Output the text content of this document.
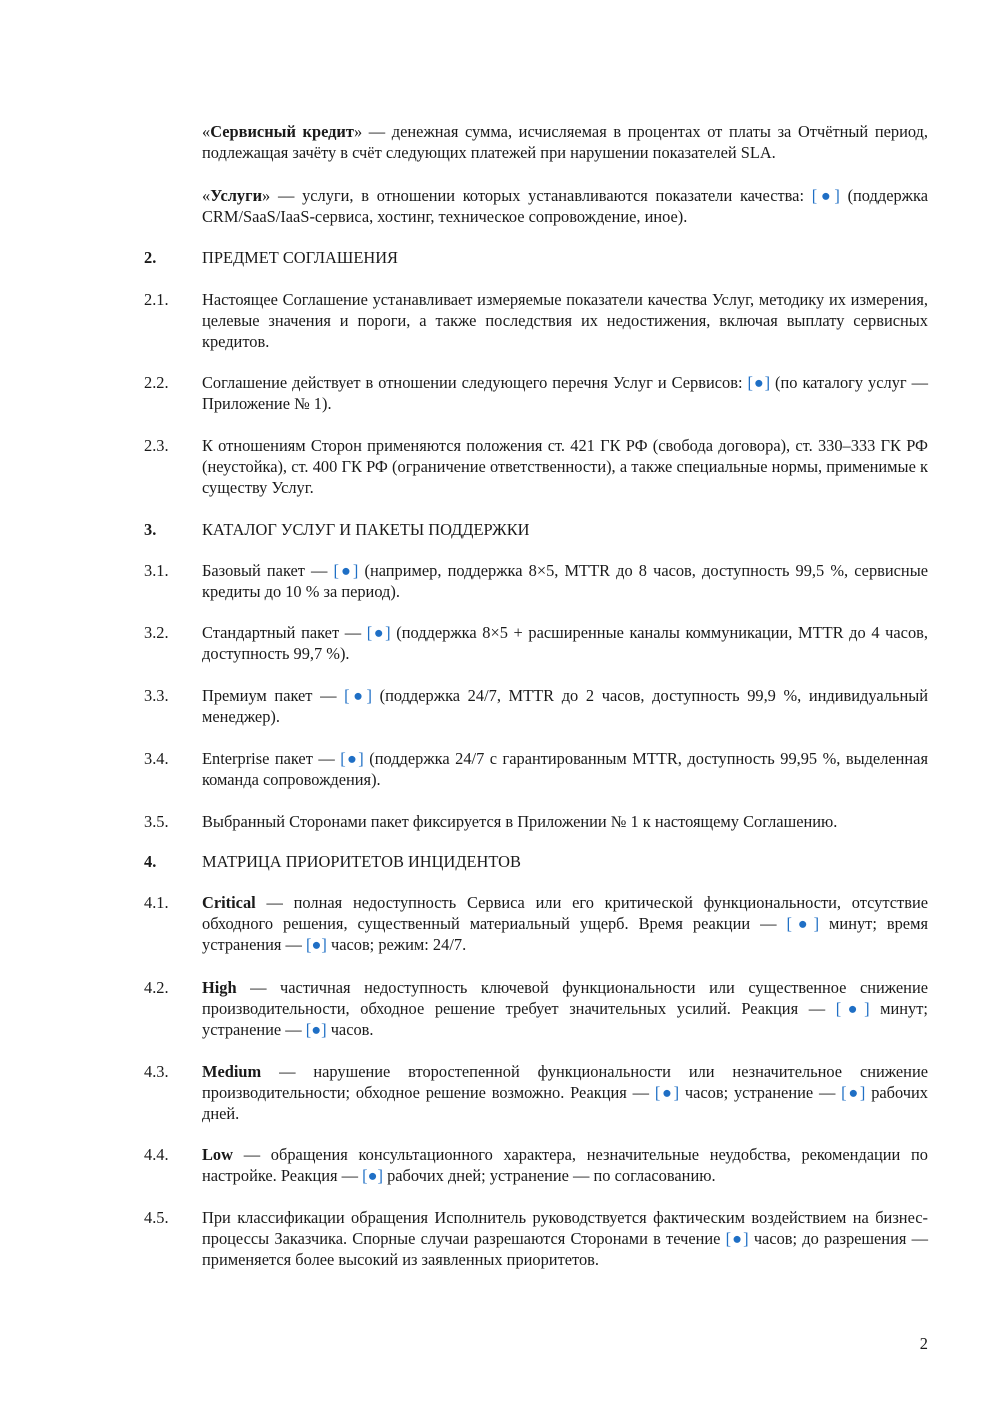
«Сервисный кредит» — денежная сумма, исчисляемая в процентах от платы за Отчётный период, подлежащая зачёту в счёт следующих платежей при нарушении показателей SLA.

«Услуги» — услуги, в отношении которых устанавливаются показатели качества: [●] (поддержка CRM/SaaS/IaaS-сервиса, хостинг, техническое сопровождение, иное).

2.	ПРЕДМЕТ СОГЛАШЕНИЯ
2.1.	Настоящее Соглашение устанавливает измеряемые показатели качества Услуг, методику их измерения, целевые значения и пороги, а также последствия их недостижения, включая выплату сервисных кредитов.
2.2.	Соглашение действует в отношении следующего перечня Услуг и Сервисов: [●] (по каталогу услуг — Приложение № 1).
2.3.	К отношениям Сторон применяются положения ст. 421 ГК РФ (свобода договора), ст. 330–333 ГК РФ (неустойка), ст. 400 ГК РФ (ограничение ответственности), а также специальные нормы, применимые к существу Услуг.
3.	КАТАЛОГ УСЛУГ И ПАКЕТЫ ПОДДЕРЖКИ
3.1.	Базовый пакет — [●] (например, поддержка 8×5, MTTR до 8 часов, доступность 99,5 %, сервисные кредиты до 10 % за период).
3.2.	Стандартный пакет — [●] (поддержка 8×5 + расширенные каналы коммуникации, MTTR до 4 часов, доступность 99,7 %).
3.3.	Премиум пакет — [●] (поддержка 24/7, MTTR до 2 часов, доступность 99,9 %, индивидуальный менеджер).
3.4.	Enterprise пакет — [●] (поддержка 24/7 с гарантированным MTTR, доступность 99,95 %, выделенная команда сопровождения).
3.5.	Выбранный Сторонами пакет фиксируется в Приложении № 1 к настоящему Соглашению.
4.	МАТРИЦА ПРИОРИТЕТОВ ИНЦИДЕНТОВ
4.1.	Critical — полная недоступность Сервиса или его критической функциональности, отсутствие обходного решения, существенный материальный ущерб. Время реакции — [●] минут; время устранения — [●] часов; режим: 24/7.
4.2.	High — частичная недоступность ключевой функциональности или существенное снижение производительности, обходное решение требует значительных усилий. Реакция — [●] минут; устранение — [●] часов.
4.3.	Medium — нарушение второстепенной функциональности или незначительное снижение производительности; обходное решение возможно. Реакция — [●] часов; устранение — [●] рабочих дней.
4.4.	Low — обращения консультационного характера, незначительные неудобства, рекомендации по настройке. Реакция — [●] рабочих дней; устранение — по согласованию.
4.5.	При классификации обращения Исполнитель руководствуется фактическим воздействием на бизнес-процессы Заказчика. Спорные случаи разрешаются Сторонами в течение [●] часов; до разрешения — применяется более высокий из заявленных приоритетов.
2
